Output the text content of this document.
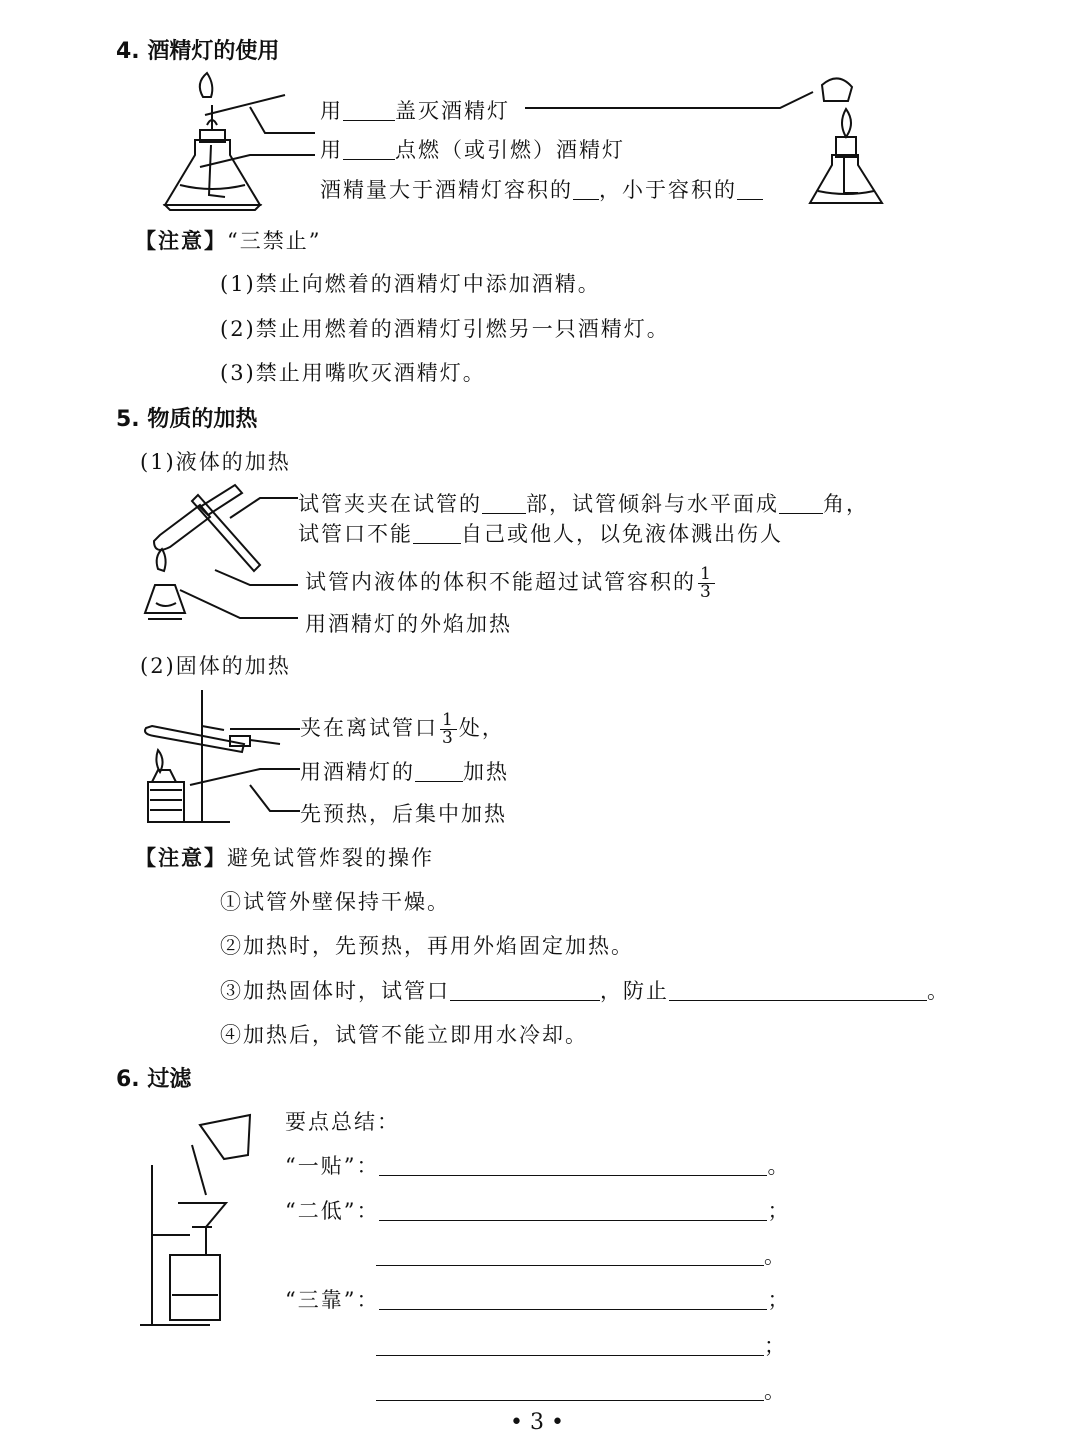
4. 酒精灯的使用
用 盖灭酒精灯
用 点燃（或引燃）酒精灯
酒精量大于酒精灯容积的 ，小于容积的
【注意】“三禁止”
(1)禁止向燃着的酒精灯中添加酒精。
(2)禁止用燃着的酒精灯引燃另一只酒精灯。
(3)禁止用嘴吹灭酒精灯。
5. 物质的加热
(1)液体的加热
试管夹夹在试管的 部，试管倾斜与水平面成 角，
试管口不能 自己或他人，以免液体溅出伤人
试管内液体的体积不能超过试管容积的 $\frac{1}{3}$
用酒精灯的外焰加热
(2)固体的加热
夹在离试管口 $\frac{1}{3}$ 处，
用酒精灯的 加热
先预热，后集中加热
【注意】避免试管炸裂的操作
①试管外壁保持干燥。
②加热时，先预热，再用外焰固定加热。
③加热固体时，试管口	，防止	。
④加热后，试管不能立即用水冷却。
6. 过滤
要点总结：
“一贴”：	。
“二低”：	；
。
“三靠”：	；
；
。
• 3 •
